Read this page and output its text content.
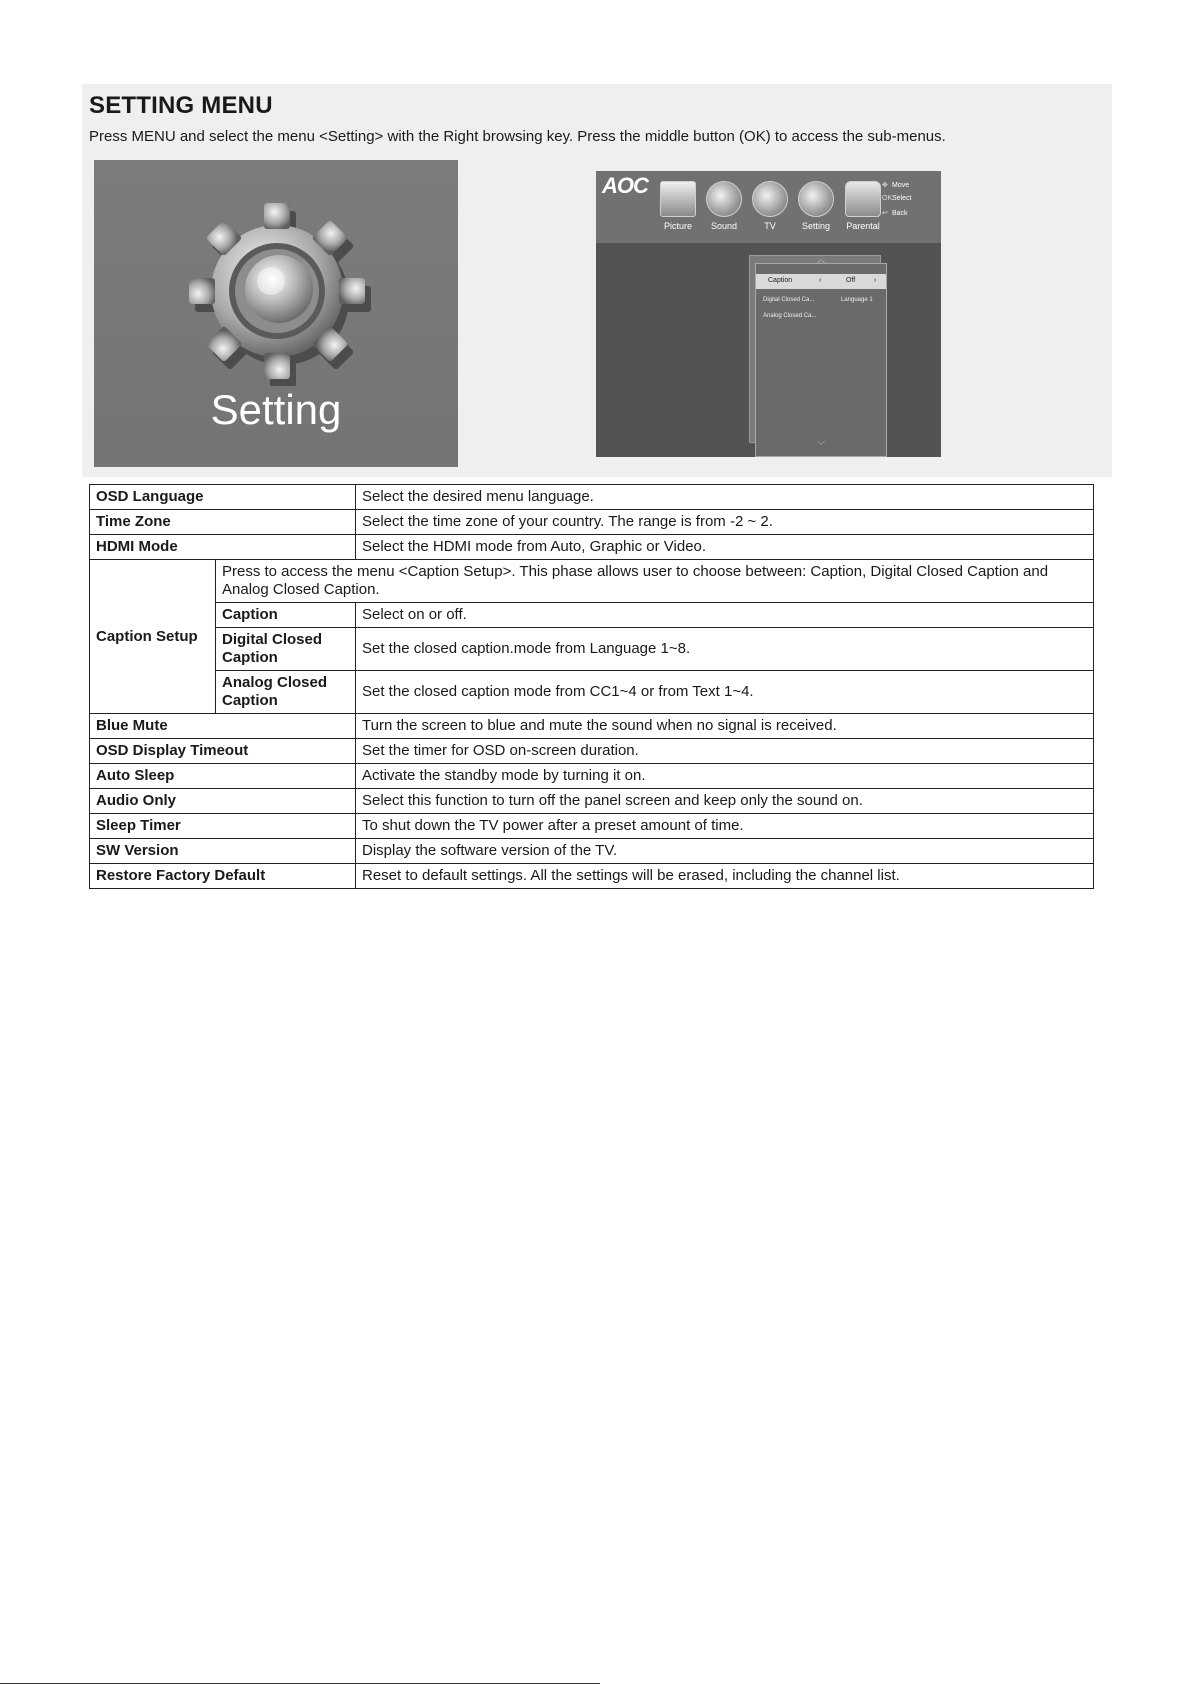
SETTING MENU

Press MENU and select the menu <Setting> with the Right browsing key. Press the middle button (OK) to access the sub-menus.

Setting
AOC
Picture	Sound	TV	Setting	Parental
✥ Move
OKSelect
↩ Back
︿
Caption	‹	Off	›
Digital Closed Ca...	Language 1
Analog Closed Ca...
﹀
OSD Language		Select the desired menu language.
Time Zone		Select the time zone of your country. The range is from -2 ~ 2.
HDMI Mode		Select the HDMI mode from Auto, Graphic or Video.
Caption Setup	Press to access the menu <Caption Setup>. This phase allows user to choose between: Caption, Digital Closed Caption and Analog Closed Caption.	
	Caption	Select on or off.
	Digital Closed Caption	Set the closed caption.mode from Language 1~8.
	Analog Closed Caption	Set the closed caption mode from CC1~4 or from Text 1~4.
Blue Mute		Turn the screen to blue and mute the sound when no signal is received.
OSD Display Timeout		Set the timer for OSD on-screen duration.
Auto Sleep		Activate the standby mode by turning it on.
Audio Only		Select this function to turn off the panel screen and keep only the sound on.
Sleep Timer		To shut down the TV power after a preset amount of time.
SW Version		Display the software version of the TV.
Restore Factory Default		Reset to default settings. All the settings will be erased, including the channel list.
